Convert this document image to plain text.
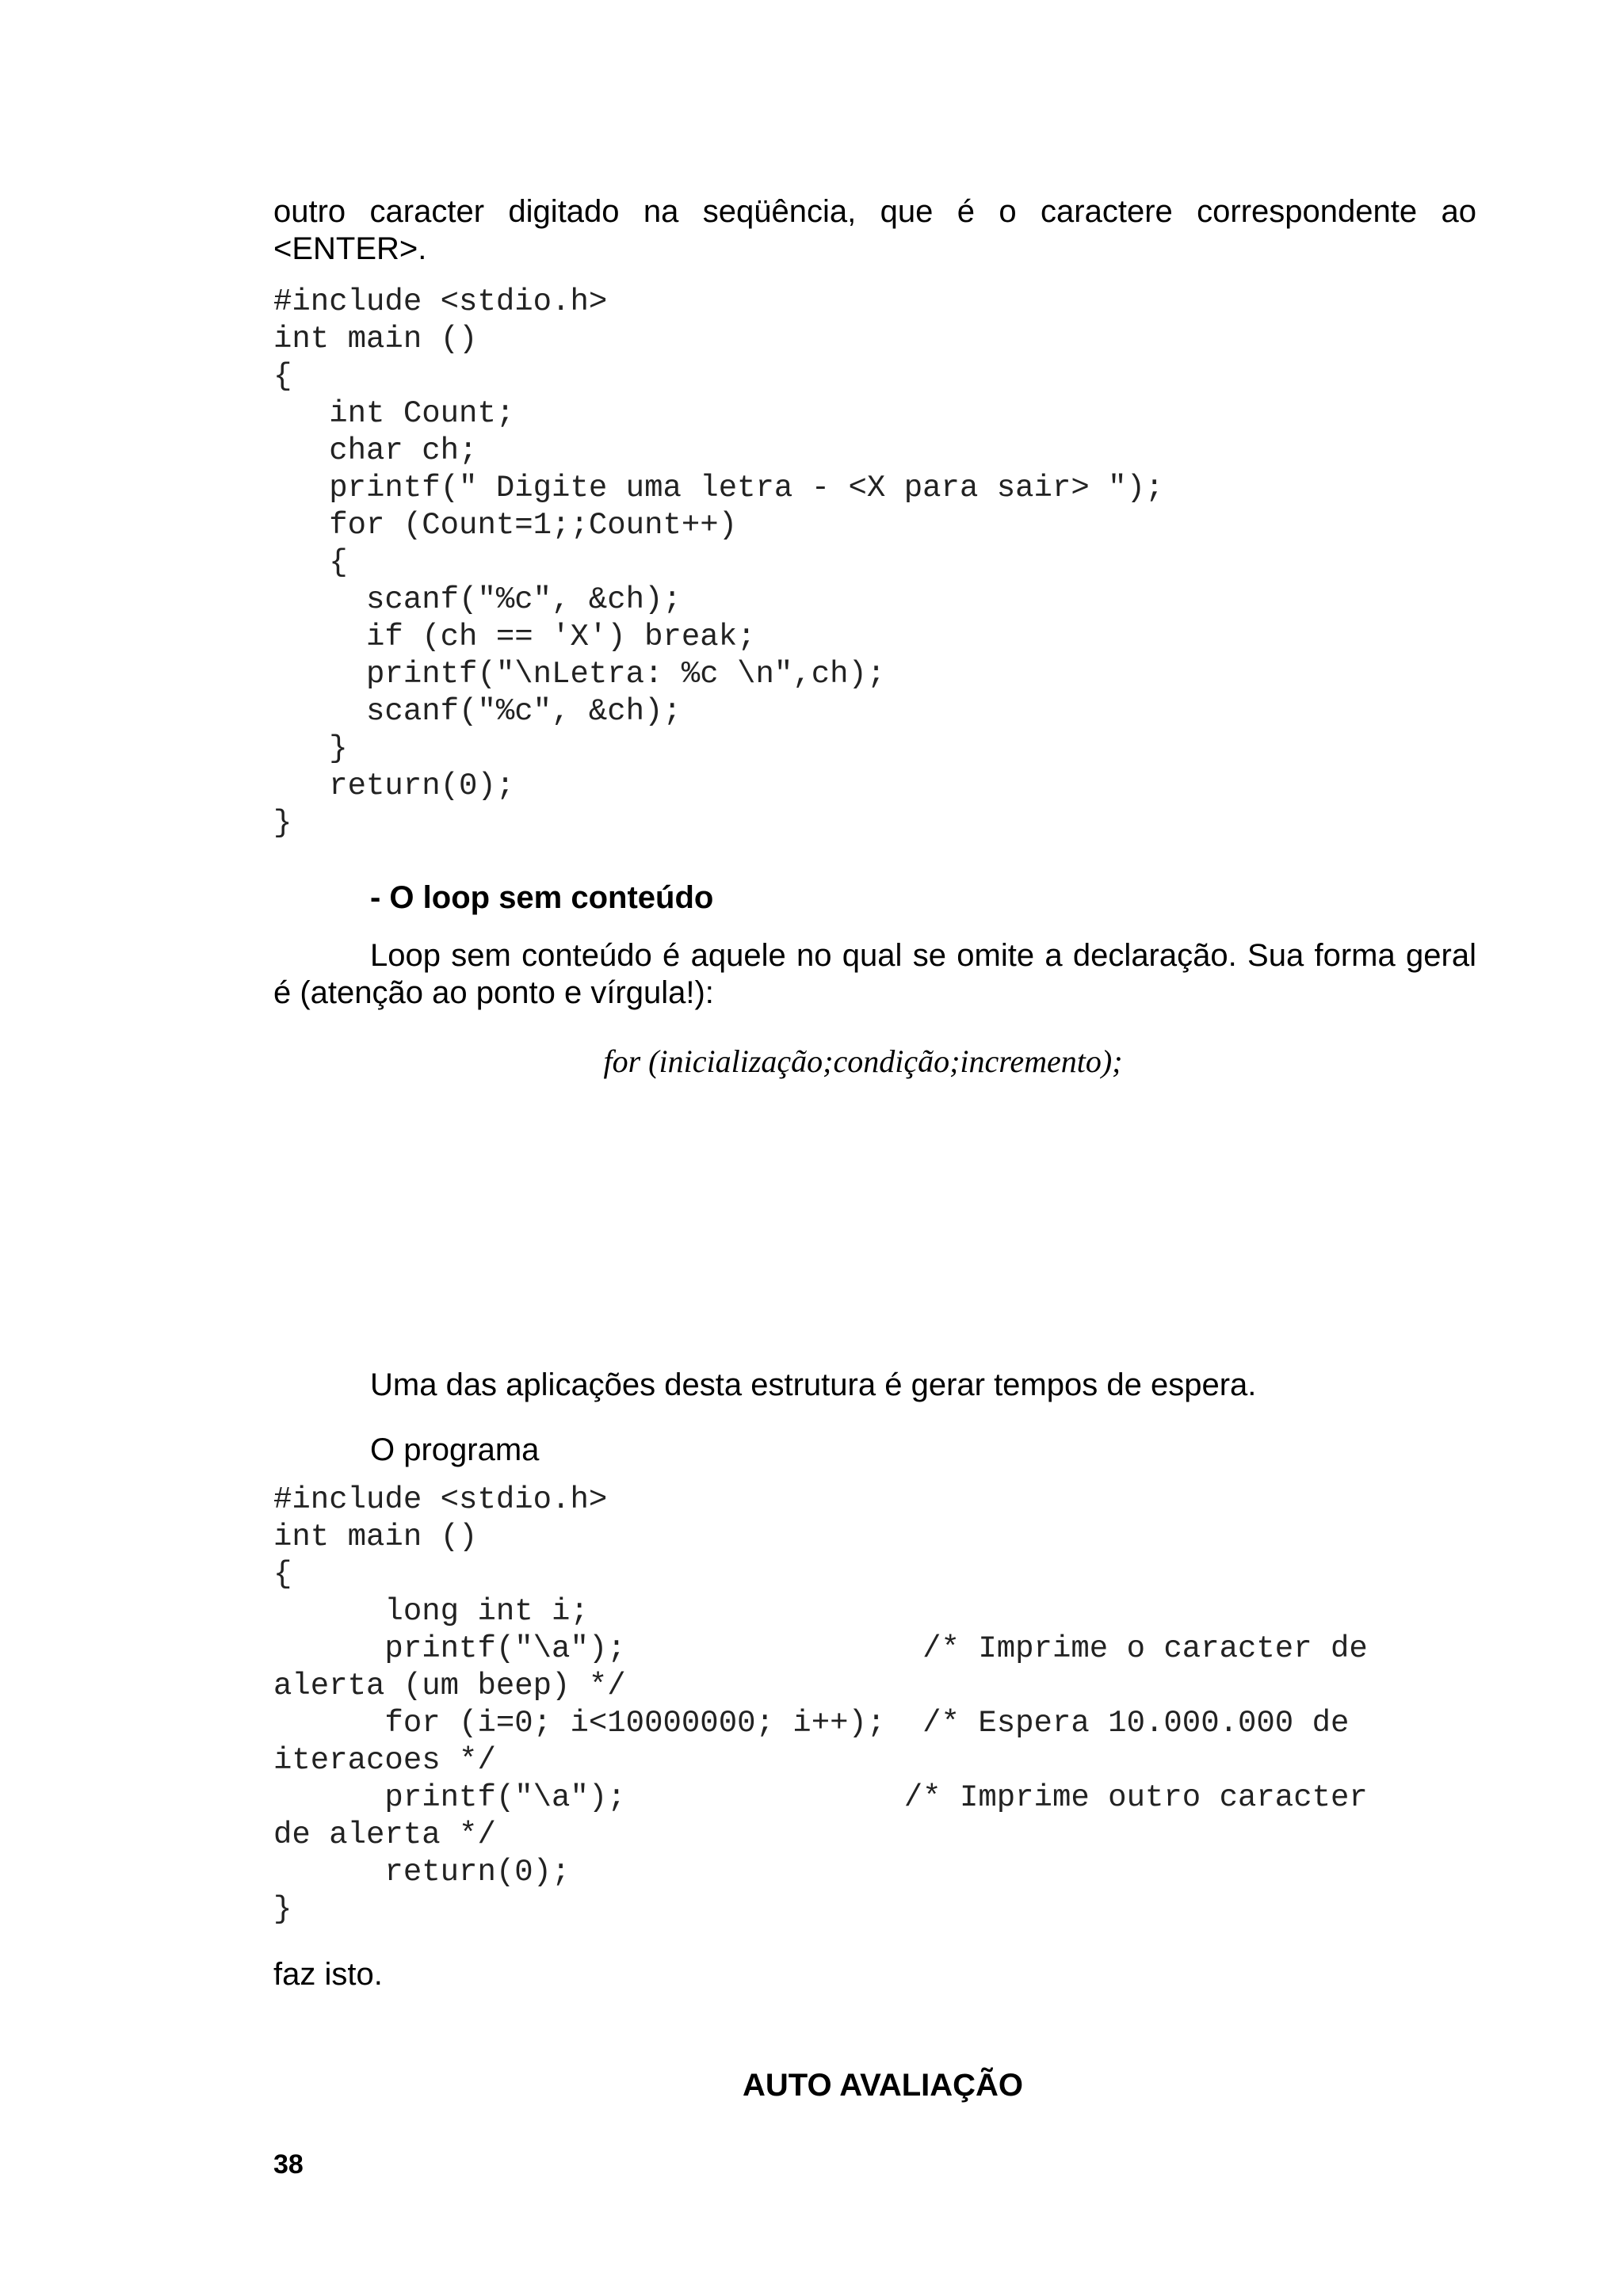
outro caracter digitado na seqüência, que é o caractere correspondente ao <ENTER>.

#include <stdio.h>
int main ()
{
int Count;
char ch;
printf(" Digite uma letra - <X para sair> ");
for (Count=1;;Count++)
{
scanf("%c", &ch);
if (ch == 'X') break;
printf("\nLetra: %c \n",ch);
scanf("%c", &ch);
}
return(0);
}

- O loop sem conteúdo

Loop sem conteúdo é aquele no qual se omite a declaração. Sua forma geral é (atenção ao ponto e vírgula!):

for (inicialização;condição;incremento);

Uma das aplicações desta estrutura é gerar tempos de espera.

O programa

#include <stdio.h>
int main ()
{
long int i;
printf("\a");                /* Imprime o caracter de
alerta (um beep) */
for (i=0; i<10000000; i++);  /* Espera 10.000.000 de
iteracoes */
printf("\a");               /* Imprime outro caracter
de alerta */
return(0);
}

faz isto.

AUTO AVALIAÇÃO

38
